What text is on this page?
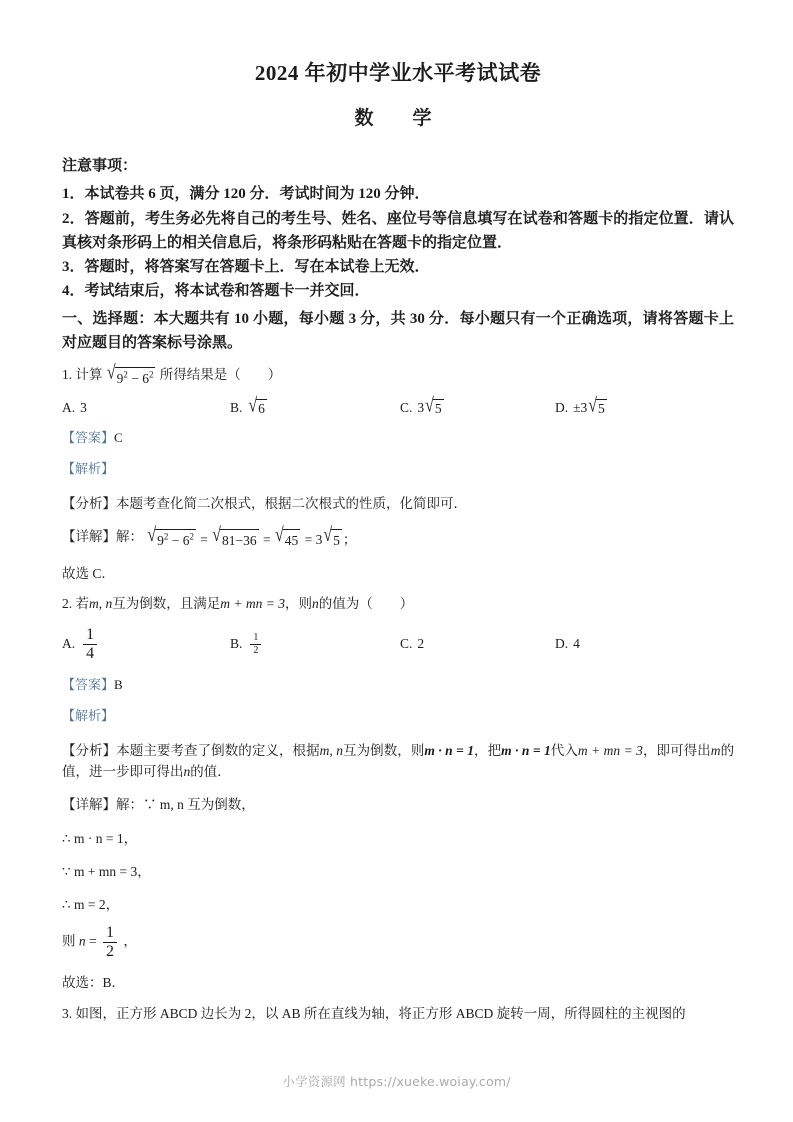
2024 年初中学业水平考试试卷
数　学
注意事项：

1．本试卷共 6 页，满分 120 分．考试时间为 120 分钟．

2．答题前，考生务必先将自己的考生号、姓名、座位号等信息填写在试卷和答题卡的指定位置．请认真核对条形码上的相关信息后，将条形码粘贴在答题卡的指定位置．

3．答题时，将答案写在答题卡上．写在本试卷上无效．

4．考试结束后，将本试卷和答题卡一并交回．

一、选择题：本大题共有 10 小题，每小题 3 分，共 30 分．每小题只有一个正确选项，请将答题卡上对应题目的答案标号涂黑。

1. 计算 √ $9^2 - 6^2$ 所得结果是（　　）

A. 3	B. √ 6	C. 3 √ 5	D. ±3 √ 5

【答案】C

【解析】

【分析】本题考查化简二次根式，根据二次根式的性质，化简即可．

【详解】解： √ $9^2 - 6^2$ = √ 81−36 = √ 45 = 3 √ 5 ；

故选 C．

2. 若m, n互为倒数，且满足m + mn = 3，则n的值为（　　）

A. $\frac{1}{4}$	B. $\frac{1}{2}$	C. 2	D. 4

【答案】B

【解析】

【分析】本题主要考查了倒数的定义，根据m, n互为倒数，则m · n = 1，把m · n = 1代入m + mn = 3，即可得出m的值，进一步即可得出n的值．

【详解】解：∵ m, n 互为倒数，

∴ m · n = 1，

∵ m + mn = 3，

∴ m = 2，

则 $n = \frac{1}{2}$ ，

故选：B．

3. 如图，正方形 ABCD 边长为 2，以 AB 所在直线为轴，将正方形 ABCD 旋转一周，所得圆柱的主视图的

小学资源网 https://xueke.woiay.com/
